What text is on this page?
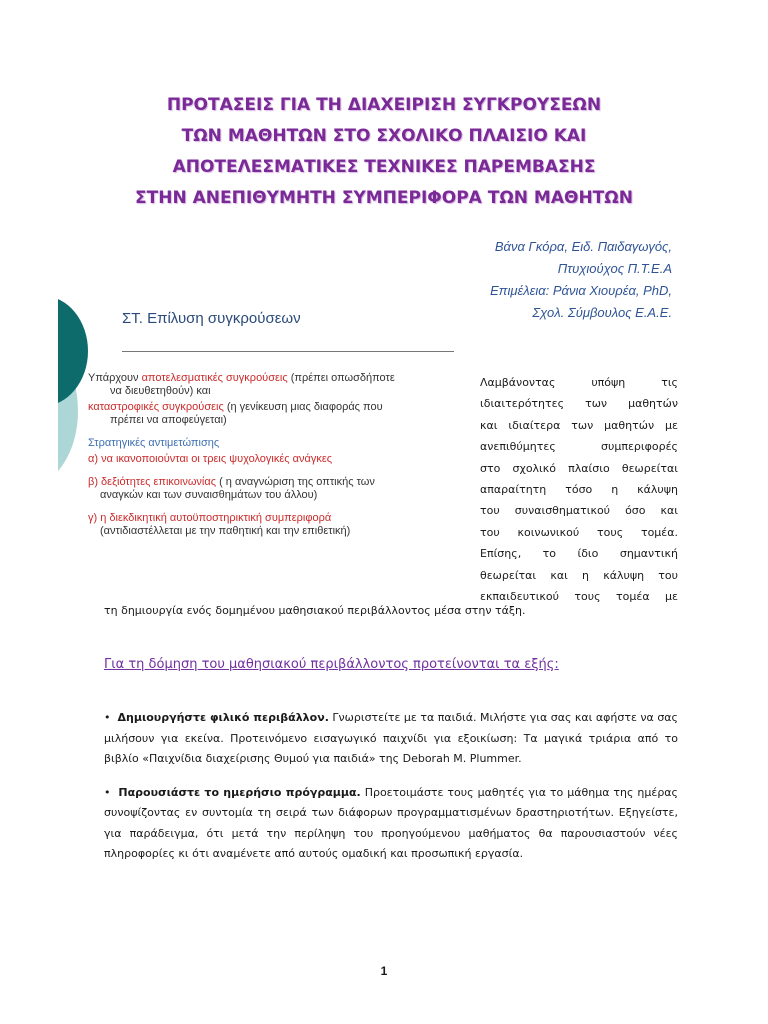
ΠΡΟΤΑΣΕΙΣ ΓΙΑ ΤΗ ΔΙΑΧΕΙΡΙΣΗ ΣΥΓΚΡΟΥΣΕΩΝ
ΤΩΝ ΜΑΘΗΤΩΝ ΣΤΟ ΣΧΟΛΙΚΟ ΠΛΑΙΣΙΟ ΚΑΙ
ΑΠΟΤΕΛΕΣΜΑΤΙΚΕΣ ΤΕΧΝΙΚΕΣ ΠΑΡΕΜΒΑΣΗΣ
ΣΤΗΝ ΑΝΕΠΙΘΥΜΗΤΗ ΣΥΜΠΕΡΙΦΟΡΑ ΤΩΝ ΜΑΘΗΤΩΝ
Βάνα Γκόρα, Ειδ. Παιδαγωγός,
Πτυχιούχος Π.Τ.Ε.Α
Επιμέλεια: Ράνια Χιουρέα, PhD,
Σχολ. Σύμβουλος Ε.Α.Ε.
ΣΤ. Επίλυση συγκρούσεων

Υπάρχουν αποτελεσματικές συγκρούσεις (πρέπει οπωσδήποτε
να διευθετηθούν) και

καταστροφικές συγκρούσεις (η γενίκευση μιας διαφοράς που
πρέπει να αποφεύγεται)

Στρατηγικές αντιμετώπισης

α) να ικανοποιούνται οι τρεις ψυχολογικές ανάγκες

β) δεξιότητες επικοινωνίας ( η αναγνώριση της οπτικής των
αναγκών και των συναισθημάτων του άλλου)

γ) η διεκδικητική αυτοϋποστηρικτική συμπεριφορά
(αντιδιαστέλλεται με την παθητική και την επιθετική)

Λαμβάνοντας υπόψη τις
ιδιαιτερότητες των μαθητών
και ιδιαίτερα των μαθητών με
ανεπιθύμητες συμπεριφορές
στο σχολικό πλαίσιο θεωρείται
απαραίτητη τόσο η κάλυψη
του συναισθηματικού όσο και
του κοινωνικού τους τομέα.
Επίσης, το ίδιο σημαντική
θεωρείται και η κάλυψη του
εκπαιδευτικού τους τομέα με
τη δημιουργία ενός δομημένου μαθησιακού περιβάλλοντος μέσα στην τάξη.
Για τη δόμηση του μαθησιακού περιβάλλοντος προτείνονται τα εξής:

•  Δημιουργήστε φιλικό περιβάλλον. Γνωριστείτε με τα παιδιά. Μιλήστε για σας και αφήστε να σας μιλήσουν για εκείνα. Προτεινόμενο εισαγωγικό παιχνίδι για εξοικίωση: Τα μαγικά τριάρια από το βιβλίο «Παιχνίδια διαχείρισης Θυμού για παιδιά» της Deborah M. Plummer.

•  Παρουσιάστε το ημερήσιο πρόγραμμα. Προετοιμάστε τους μαθητές για το μάθημα της ημέρας συνοψίζοντας εν συντομία τη σειρά των διάφορων προγραμματισμένων δραστηριοτήτων. Εξηγείστε, για παράδειγμα, ότι μετά την περίληψη του προηγούμενου μαθήματος θα παρουσιαστούν νέες πληροφορίες κι ότι αναμένετε από αυτούς ομαδική και προσωπική εργασία.

1
